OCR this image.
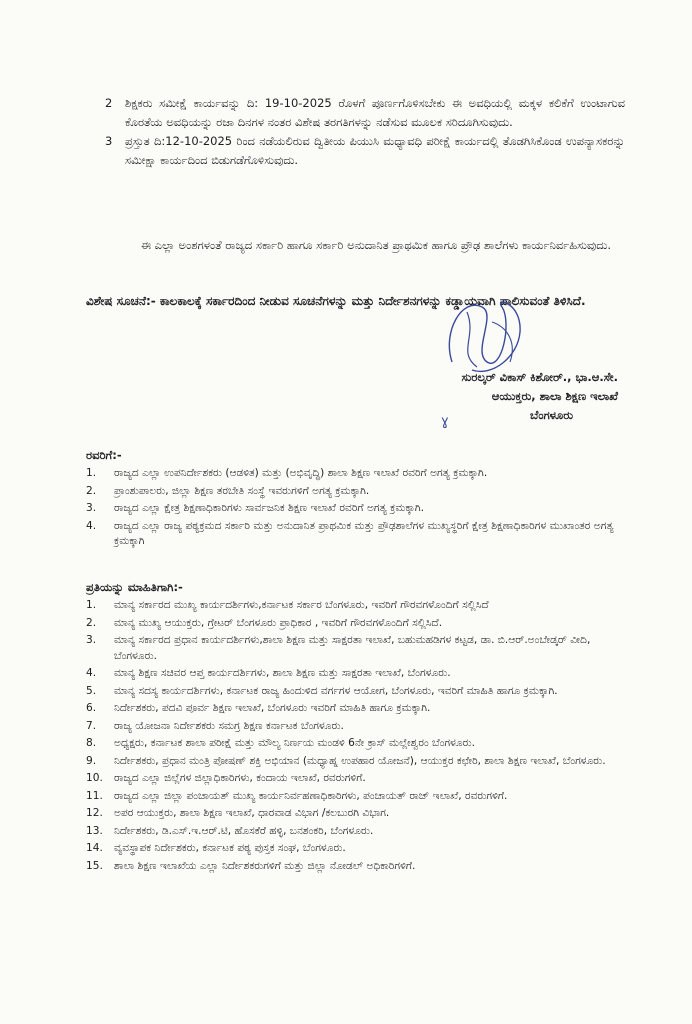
2	ಶಿಕ್ಷಕರು ಸಮೀಕ್ಷೆ ಕಾರ್ಯವನ್ನು ದಿ: 19-10-2025 ರೊಳಗೆ ಪೂರ್ಣಗೊಳಿಸಬೇಕು ಈ ಅವಧಿಯಲ್ಲಿ ಮಕ್ಕಳ ಕಲಿಕೆಗೆ ಉಂಟಾಗುವ ಕೊರತೆಯ ಅವಧಿಯನ್ನು ರಜಾ ದಿನಗಳ ನಂತರ ವಿಶೇಷ ತರಗತಿಗಳನ್ನು ನಡೆಸುವ ಮೂಲಕ ಸರಿದೂಗಿಸುವುದು.
3	ಪ್ರಸ್ತುತ ದಿ:12-10-2025 ರಿಂದ ನಡೆಯಲಿರುವ ದ್ವಿತೀಯ ಪಿಯುಸಿ ಮಧ್ಯಾವಧಿ ಪರೀಕ್ಷೆ ಕಾರ್ಯದಲ್ಲಿ ತೊಡಗಿಸಿಕೊಂಡ ಉಪನ್ಯಾಸಕರನ್ನು ಸಮೀಕ್ಷಾ ಕಾರ್ಯದಿಂದ ಬಿಡುಗಡೆಗೊಳಿಸುವುದು.

ಈ ಎಲ್ಲಾ ಅಂಶಗಳಂತೆ ರಾಜ್ಯದ ಸರ್ಕಾರಿ ಹಾಗೂ ಸರ್ಕಾರಿ ಅನುದಾನಿತ ಪ್ರಾಥಮಿಕ ಹಾಗೂ ಪ್ರೌಢ ಶಾಲೆಗಳು ಕಾರ್ಯನಿರ್ವಹಿಸುವುದು.

ವಿಶೇಷ ಸೂಚನೆ:- ಕಾಲಕಾಲಕ್ಕೆ ಸರ್ಕಾರದಿಂದ ನೀಡುವ ಸೂಚನೆಗಳನ್ನು ಮತ್ತು ನಿರ್ದೇಶನಗಳನ್ನು ಕಡ್ಡಾಯವಾಗಿ ಪಾಲಿಸುವಂತೆ ತಿಳಿಸಿದೆ.

ಸುರಲ್ಕರ್ ವಿಕಾಸ್ ಕಿಶೋರ್., ಭಾ.ಆ.ಸೇ.
ಆಯುಕ್ತರು, ಶಾಲಾ ಶಿಕ್ಷಣ ಇಲಾಖೆ
ಬೆಂಗಳೂರು
ɣ
ರವರಿಗೆ:-
1.	ರಾಜ್ಯದ ಎಲ್ಲಾ ಉಪನಿರ್ದೇಶಕರು (ಆಡಳಿತ) ಮತ್ತು (ಅಭಿವೃದ್ಧಿ) ಶಾಲಾ ಶಿಕ್ಷಣ ಇಲಾಖೆ ರವರಿಗೆ ಅಗತ್ಯ ಕ್ರಮಕ್ಕಾಗಿ.
2.	ಪ್ರಾಂಶುಪಾಲರು, ಜಿಲ್ಲಾ ಶಿಕ್ಷಣ ತರಬೇತಿ ಸಂಸ್ಥೆ ಇವರುಗಳಿಗೆ ಅಗತ್ಯ ಕ್ರಮಕ್ಕಾಗಿ.
3.	ರಾಜ್ಯದ ಎಲ್ಲಾ ಕ್ಷೇತ್ರ ಶಿಕ್ಷಣಾಧಿಕಾರಿಗಳು ಸಾರ್ವಜನಿಕ ಶಿಕ್ಷಣ ಇಲಾಖೆ ರವರಿಗೆ ಅಗತ್ಯ ಕ್ರಮಕ್ಕಾಗಿ.
4.	ರಾಜ್ಯದ ಎಲ್ಲಾ ರಾಜ್ಯ ಪಠ್ಯಕ್ರಮದ ಸರ್ಕಾರಿ ಮತ್ತು ಅನುದಾನಿತ ಪ್ರಾಥಮಿಕ ಮತ್ತು ಪ್ರೌಢಶಾಲೆಗಳ ಮುಖ್ಯಸ್ಥರಿಗೆ ಕ್ಷೇತ್ರ ಶಿಕ್ಷಣಾಧಿಕಾರಿಗಳ ಮುಖಾಂತರ ಅಗತ್ಯ ಕ್ರಮಕ್ಕಾಗಿ
ಪ್ರತಿಯನ್ನು ಮಾಹಿತಿಗಾಗಿ:-
1.	ಮಾನ್ಯ ಸರ್ಕಾರದ ಮುಖ್ಯ ಕಾರ್ಯದರ್ಶಿಗಳು,ಕರ್ನಾಟಕ ಸರ್ಕಾರ ಬೆಂಗಳೂರು, ಇವರಿಗೆ ಗೌರವಗಳೊಂದಿಗೆ ಸಲ್ಲಿಸಿದೆ
2.	ಮಾನ್ಯ ಮುಖ್ಯ ಆಯುಕ್ತರು, ಗ್ರೇಟರ್ ಬೆಂಗಳೂರು ಪ್ರಾಧಿಕಾರ , ಇವರಿಗೆ ಗೌರವಗಳೊಂದಿಗೆ ಸಲ್ಲಿಸಿದೆ.
3.	ಮಾನ್ಯ ಸರ್ಕಾರದ ಪ್ರಧಾನ ಕಾರ್ಯದರ್ಶಿಗಳು,ಶಾಲಾ ಶಿಕ್ಷಣ ಮತ್ತು ಸಾಕ್ಷರತಾ ಇಲಾಖೆ, ಬಹುಮಹಡಿಗಳ ಕಟ್ಟಡ, ಡಾ. ಬಿ.ಆರ್.ಅಂಬೇಡ್ಕರ್ ವೀದಿ, ಬೆಂಗಳೂರು.
4.	ಮಾನ್ಯ ಶಿಕ್ಷಣ ಸಚಿವರ ಆಪ್ತ ಕಾರ್ಯದರ್ಶಿಗಳು, ಶಾಲಾ ಶಿಕ್ಷಣ ಮತ್ತು ಸಾಕ್ಷರತಾ ಇಲಾಖೆ, ಬೆಂಗಳೂರು.
5.	ಮಾನ್ಯ ಸದಸ್ಯ ಕಾರ್ಯದರ್ಶಿಗಳು, ಕರ್ನಾಟಕ ರಾಜ್ಯ ಹಿಂದುಳಿದ ವರ್ಗಗಳ ಆಯೋಗ, ಬೆಂಗಳೂರು, ಇವರಿಗೆ ಮಾಹಿತಿ ಹಾಗೂ ಕ್ರಮಕ್ಕಾಗಿ.
6.	ನಿರ್ದೇಶಕರು, ಪದವಿ ಪೂರ್ವ ಶಿಕ್ಷಣ ಇಲಾಖೆ, ಬೆಂಗಳೂರು ಇವರಿಗೆ ಮಾಹಿತಿ ಹಾಗೂ ಕ್ರಮಕ್ಕಾಗಿ.
7.	ರಾಜ್ಯ ಯೋಜನಾ ನಿರ್ದೇಶಕರು ಸಮಗ್ರ ಶಿಕ್ಷಣ ಕರ್ನಾಟಕ ಬೆಂಗಳೂರು.
8.	ಅಧ್ಯಕ್ಷರು, ಕರ್ನಾಟಕ ಶಾಲಾ ಪರೀಕ್ಷೆ ಮತ್ತು ಮೌಲ್ಯ ನಿರ್ಣಯ ಮಂಡಳಿ 6ನೇ ಕ್ರಾಸ್ ಮಲ್ಲೇಶ್ವರಂ ಬೆಂಗಳೂರು.
9.	ನಿರ್ದೇಶಕರು, ಪ್ರಧಾನ ಮಂತ್ರಿ ಪೋಷಣ್ ಶಕ್ತಿ ಅಭಿಯಾನ (ಮಧ್ಯಾಹ್ನ ಉಪಹಾರ ಯೋಜನೆ), ಆಯುಕ್ತರ ಕಛೇರಿ, ಶಾಲಾ ಶಿಕ್ಷಣ ಇಲಾಖೆ, ಬೆಂಗಳೂರು.
10.	ರಾಜ್ಯದ ಎಲ್ಲಾ ಜಿಲ್ಲೆಗಳ ಜಿಲ್ಲಾಧಿಕಾರಿಗಳು, ಕಂದಾಯ ಇಲಾಖೆ, ರವರುಗಳಿಗೆ.
11.	ರಾಜ್ಯದ ಎಲ್ಲಾ ಜಿಲ್ಲಾ ಪಂಚಾಯತ್ ಮುಖ್ಯ ಕಾರ್ಯನಿರ್ವಹಣಾಧಿಕಾರಿಗಳು, ಪಂಚಾಯತ್ ರಾಜ್ ಇಲಾಖೆ, ರವರುಗಳಿಗೆ.
12.	ಅಪರ ಆಯುಕ್ತರು, ಶಾಲಾ ಶಿಕ್ಷಣ ಇಲಾಖೆ, ಧಾರವಾಡ ವಿಭಾಗ /ಕಲಬುರಗಿ ವಿಭಾಗ.
13.	ನಿರ್ದೇಶಕರು, ಡಿ.ಎಸ್.ಇ.ಆರ್.ಟಿ, ಹೊಸಕೆರೆ ಹಳ್ಳಿ, ಬನಶಂಕರಿ, ಬೆಂಗಳೂರು.
14.	ವ್ಯವಸ್ಥಾಪಕ ನಿರ್ದೇಶಕರು, ಕರ್ನಾಟಕ ಪಠ್ಯ ಪುಸ್ತಕ ಸಂಘ, ಬೆಂಗಳೂರು.
15.	ಶಾಲಾ ಶಿಕ್ಷಣ ಇಲಾಖೆಯ ಎಲ್ಲಾ ನಿರ್ದೇಶಕರುಗಳಿಗೆ ಮತ್ತು ಜಿಲ್ಲಾ ನೋಡಲ್ ಅಧಿಕಾರಿಗಳಿಗೆ.
